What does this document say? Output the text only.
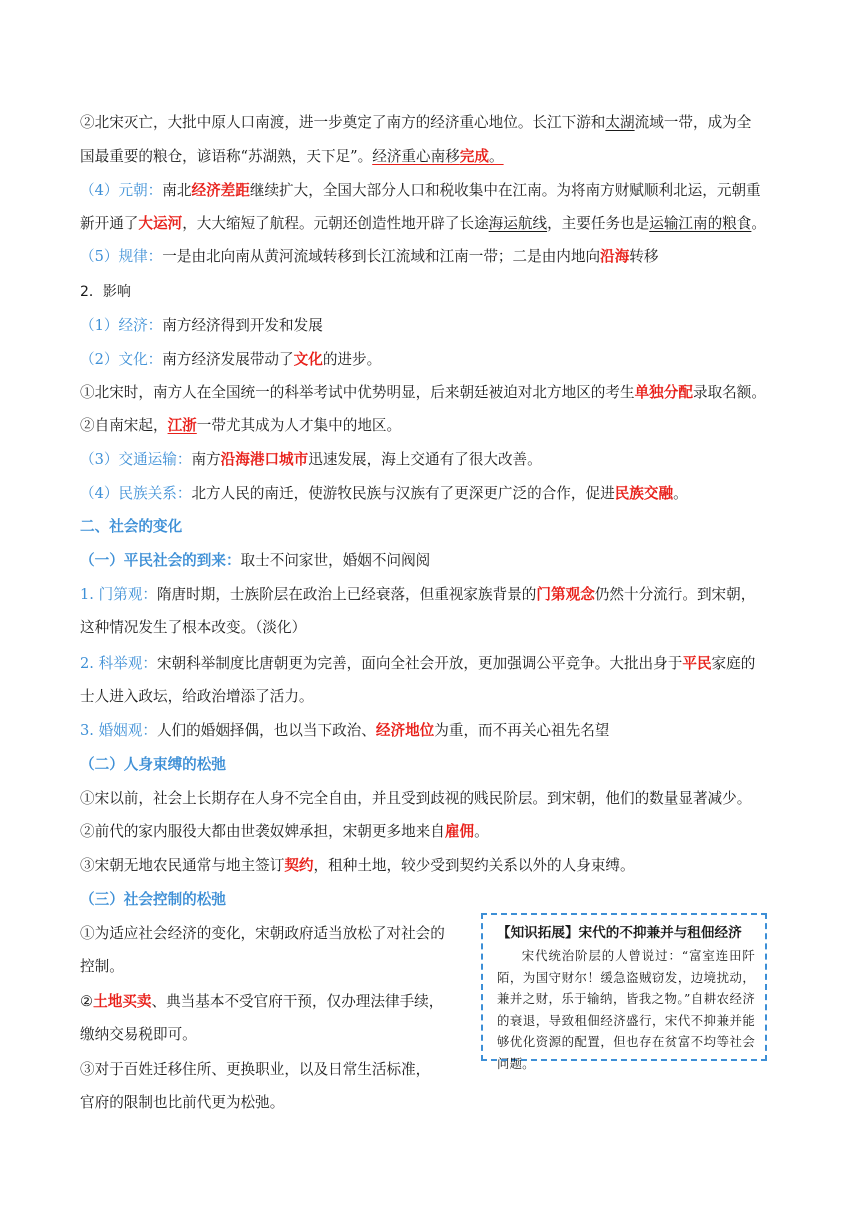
②北宋灭亡，大批中原人口南渡，进一步奠定了南方的经济重心地位。长江下游和太湖流域一带，成为全
国最重要的粮仓，谚语称“苏湖熟，天下足”。经济重心南移完成。
（4）元朝：南北经济差距继续扩大，全国大部分人口和税收集中在江南。为将南方财赋顺利北运，元朝重
新开通了大运河，大大缩短了航程。元朝还创造性地开辟了长途海运航线，主要任务也是运输江南的粮食。
（5）规律：一是由北向南从黄河流域转移到长江流域和江南一带；二是由内地向沿海转移
2．影响
（1）经济：南方经济得到开发和发展
（2）文化：南方经济发展带动了文化的进步。
①北宋时，南方人在全国统一的科举考试中优势明显，后来朝廷被迫对北方地区的考生单独分配录取名额。
②自南宋起，江浙一带尤其成为人才集中的地区。
（3）交通运输：南方沿海港口城市迅速发展，海上交通有了很大改善。
（4）民族关系：北方人民的南迁，使游牧民族与汉族有了更深更广泛的合作，促进民族交融。
二、社会的变化
（一）平民社会的到来：取士不问家世，婚姻不问阀阅
1. 门第观：隋唐时期，士族阶层在政治上已经衰落，但重视家族背景的门第观念仍然十分流行。到宋朝，
这种情况发生了根本改变。（淡化）
2. 科举观：宋朝科举制度比唐朝更为完善，面向全社会开放，更加强调公平竞争。大批出身于平民家庭的
士人进入政坛，给政治增添了活力。
3. 婚姻观：人们的婚姻择偶，也以当下政治、经济地位为重，而不再关心祖先名望
（二）人身束缚的松弛
①宋以前，社会上长期存在人身不完全自由，并且受到歧视的贱民阶层。到宋朝，他们的数量显著减少。
②前代的家内服役大都由世袭奴婢承担，宋朝更多地来自雇佣。
③宋朝无地农民通常与地主签订契约，租种土地，较少受到契约关系以外的人身束缚。
（三）社会控制的松弛
①为适应社会经济的变化，宋朝政府适当放松了对社会的
控制。
②土地买卖、典当基本不受官府干预，仅办理法律手续，
缴纳交易税即可。
③对于百姓迁移住所、更换职业，以及日常生活标准，
官府的限制也比前代更为松弛。

【知识拓展】宋代的不抑兼并与租佃经济

宋代统治阶层的人曾说过：“富室连田阡陌，为国守财尔！缓急盗贼窃发，边境扰动，兼并之财，乐于输纳，皆我之物。”自耕农经济的衰退，导致租佃经济盛行，宋代不抑兼并能够优化资源的配置，但也存在贫富不均等社会问题。
